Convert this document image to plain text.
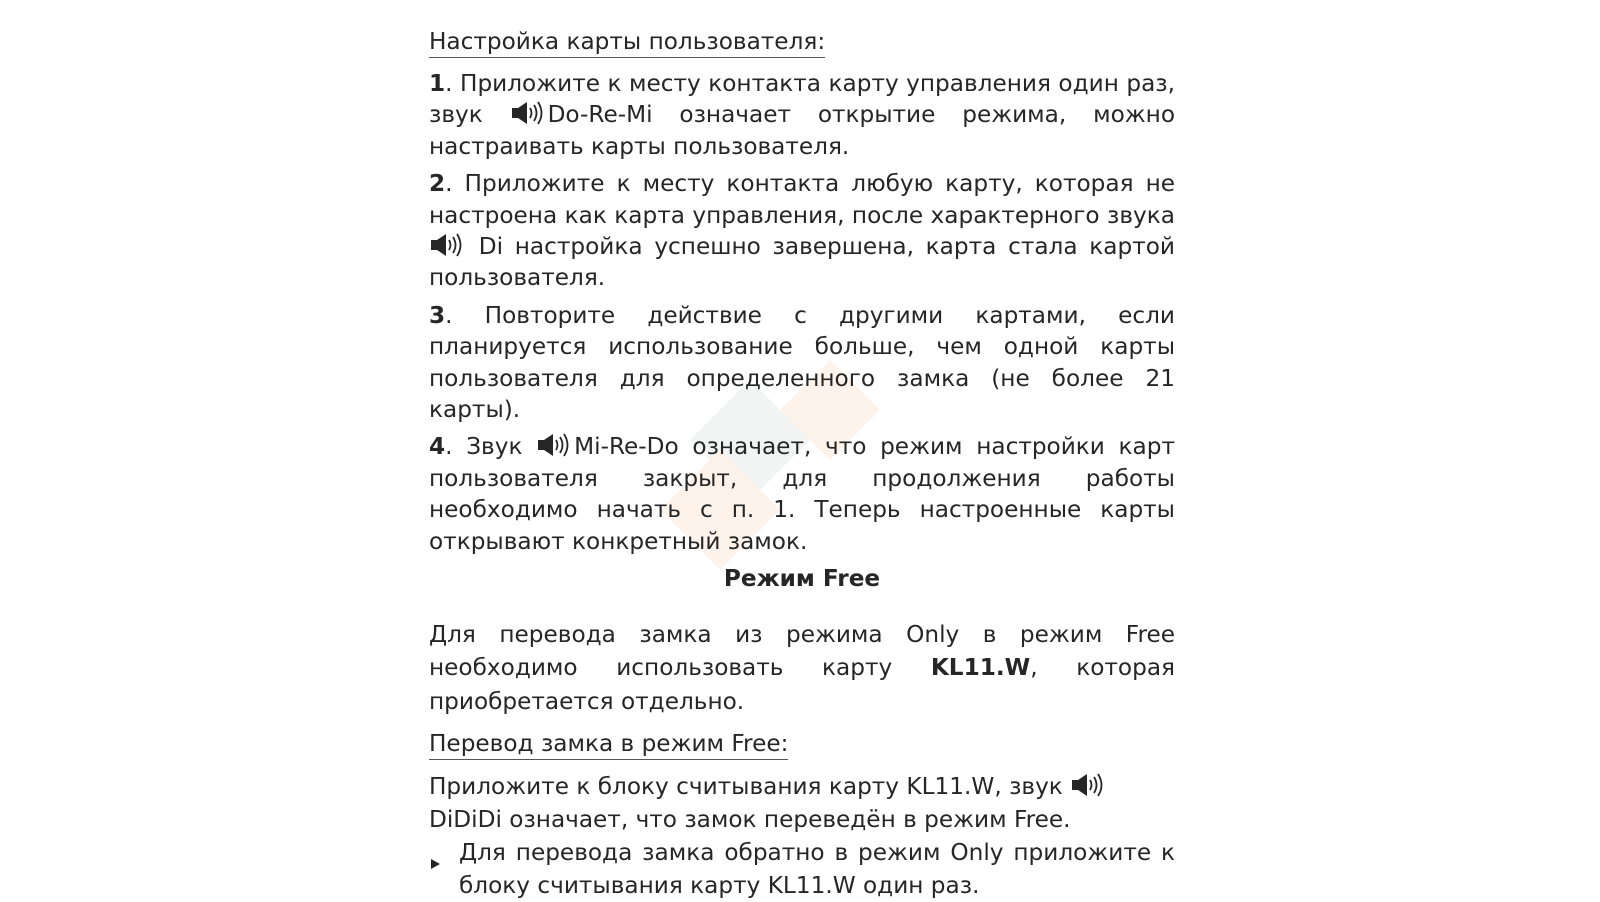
Настройка карты пользователя:

1. Приложите к месту контакта карту управления один раз, звук
Do-Re-Mi означает открытие режима, можно настраивать карты пользователя.

2. Приложите к месту контакта любую карту, которая не настроена как карта управления, после характерного звука
Di настройка успешно завершена, карта стала картой пользователя.

3. Повторите действие с другими картами, если планируется использование больше, чем одной карты пользователя для определенного замка (не более 21 карты).

4. Звук
Mi-Re-Do означает, что режим настройки карт пользователя закрыт, для продолжения работы необходимо начать с п. 1. Теперь настроенные карты открывают конкретный замок.

Режим Free

Для перевода замка из режима Only в режим Free необходимо использовать карту KL11.W, которая приобретается отдельно.

Перевод замка в режим Free:

Приложите к блоку считывания карту KL11.W, звук
DiDiDi означает, что замок переведён в режим Free.

Для перевода замка обратно в режим Only приложите к блоку считывания карту KL11.W один раз.
